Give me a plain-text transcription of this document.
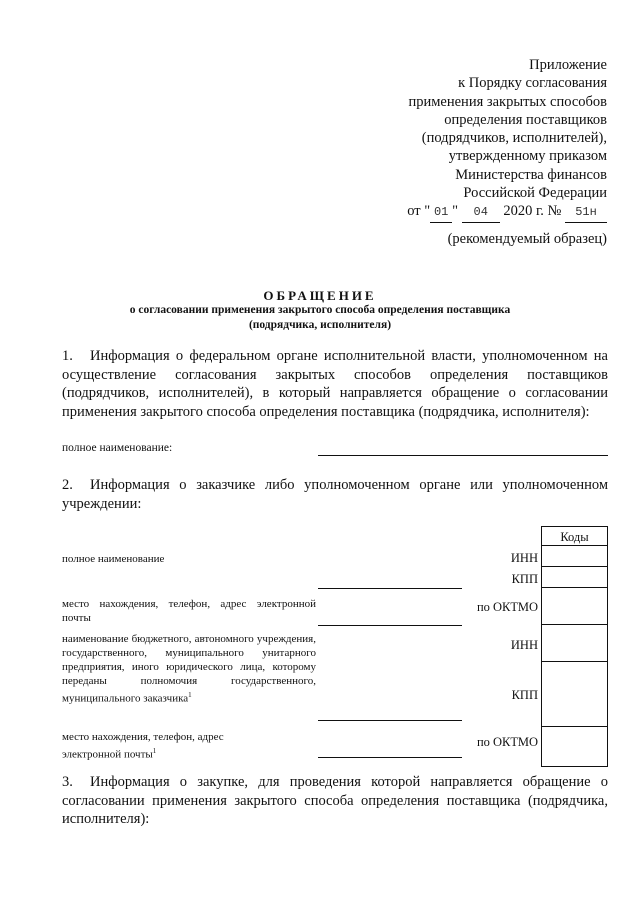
Приложение
к Порядку согласования
применения закрытых способов
определения поставщиков
(подрядчиков, исполнителей),
утвержденному приказом
Министерства финансов
Российской Федерации
от " 01 " 04 2020 г. № 51н
(рекомендуемый образец)
ОБРАЩЕНИЕ
о согласовании применения закрытого способа определения поставщика
(подрядчика, исполнителя)
1. Информация о федеральном органе исполнительной власти, уполномоченном на осуществление согласования закрытых способов определения поставщиков (подрядчиков, исполнителей), в который направляется обращение о согласовании применения закрытого способа определения поставщика (подрядчика, исполнителя):
полное наименование:
2. Информация о заказчике либо уполномоченном органе или уполномоченном учреждении:
Коды
полное наименование	ИНН
КПП
место нахождения, телефон, адрес электронной почты
по ОКТМО
наименование бюджетного, автономного учреждения, государственного, муниципального унитарного предприятия, иного юридического лица, которому переданы полномочия государственного, муниципального заказчика$^1$
ИНН
КПП
место нахождения, телефон, адрес электронной почты$^1$
по ОКТМО
3. Информация о закупке, для проведения которой направляется обращение о согласовании применения закрытого способа определения поставщика (подрядчика, исполнителя):
